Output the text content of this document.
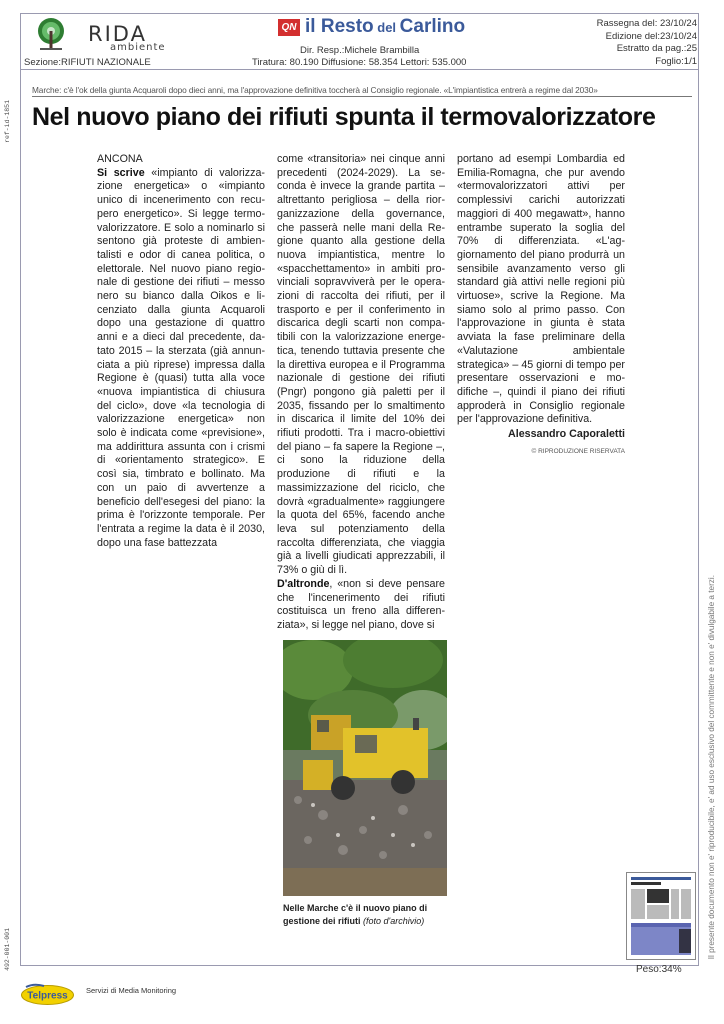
RIDA
ambiente
Sezione:RIFIUTI NAZIONALE
QN il Resto del Carlino
Dir. Resp.:Michele Brambilla
Tiratura: 80.190 Diffusione: 58.354 Lettori: 535.000
Rassegna del: 23/10/24
Edizione del:23/10/24
Estratto da pag.:25
Foglio:1/1
Marche: c'è l'ok della giunta Acquaroli dopo dieci anni, ma l'approvazione definitiva toccherà al Consiglio regionale. «L'impiantistica entrerà a regime dal 2030»
Nel nuovo piano dei rifiuti spunta il termovalorizzatore
ANCONA

Si scrive «impianto di valorizzazione energetica» o «impianto unico di incenerimento con recupero energetico». Si legge termovalorizzatore. E solo a nominarlo si sentono già proteste di ambientalisti e odor di canea politica, o elettorale. Nel nuovo piano regionale di gestione dei rifiuti – messo nero su bianco dalla Oikos e licenziato dalla giunta Acquaroli dopo una gestazione di quattro anni e a dieci dal precedente, datato 2015 – la sterzata (già annunciata a più riprese) impressa dalla Regione è (quasi) tutta alla voce «nuova impiantistica di chiusura del ciclo», dove «la tecnologia di valorizzazione energetica» non solo è indicata come «previsione», ma addirittura assunta con i crismi di «orientamento strategico». E così sia, timbrato e bollinato. Ma con un paio di avvertenze a beneficio dell'esegesi del piano: la prima è l'orizzonte temporale. Per l'entrata a regime la data è il 2030, dopo una fase battezzata

come «transitoria» nei cinque anni precedenti (2024-2029). La seconda è invece la grande partita – altrettanto perigliosa – della riorganizzazione della governance, che passerà nelle mani della Regione quanto alla gestione della nuova impiantistica, mentre lo «spacchettamento» in ambiti provinciali sopravviverà per le operazioni di raccolta dei rifiuti, per il trasporto e per il conferimento in discarica degli scarti non compatibili con la valorizzazione energetica, tenendo tuttavia presente che la direttiva europea e il Programma nazionale di gestione dei rifiuti (Pngr) pongono già paletti per il 2035, fissando per lo smaltimento in discarica il limite del 10% dei rifiuti prodotti. Tra i macro-obiettivi del piano – fa sapere la Regione –, ci sono la riduzione della produzione di rifiuti e la massimizzazione del riciclo, che dovrà «gradualmente» raggiungere la quota del 65%, facendo anche leva sul potenziamento della raccolta differenziata, che viaggia già a livelli giudicati apprezzabili, il 73% o giù di lì.

D'altronde, «non si deve pensare che l'incenerimento dei rifiuti costituisca un freno alla differenziata», si legge nel piano, dove si

portano ad esempi Lombardia ed Emilia-Romagna, che pur avendo «termovalorizzatori attivi per complessivi carichi autorizzati maggiori di 400 megawatt», hanno entrambe superato la soglia del 70% di differenziata. «L'aggiornamento del piano produrrà un sensibile avanzamento verso gli standard già attivi nelle regioni più virtuose», scrive la Regione. Ma siamo solo al primo passo. Con l'approvazione in giunta è stata avviata la fase preliminare della «Valutazione ambientale strategica» – 45 giorni di tempo per presentare osservazioni e modifiche –, quindi il piano dei rifiuti approderà in Consiglio regionale per l'approvazione definitiva.

Alessandro Caporaletti
© RIPRODUZIONE RISERVATA
Nelle Marche c'è il nuovo piano di gestione dei rifiuti (foto d'archivio)
Peso:34%
ref-id-1851
492-001-001	Il presente documento non e' riproducibile, e' ad uso esclusivo del committente e non e' divulgabile a terzi.
Telpress Servizi di Media Monitoring
